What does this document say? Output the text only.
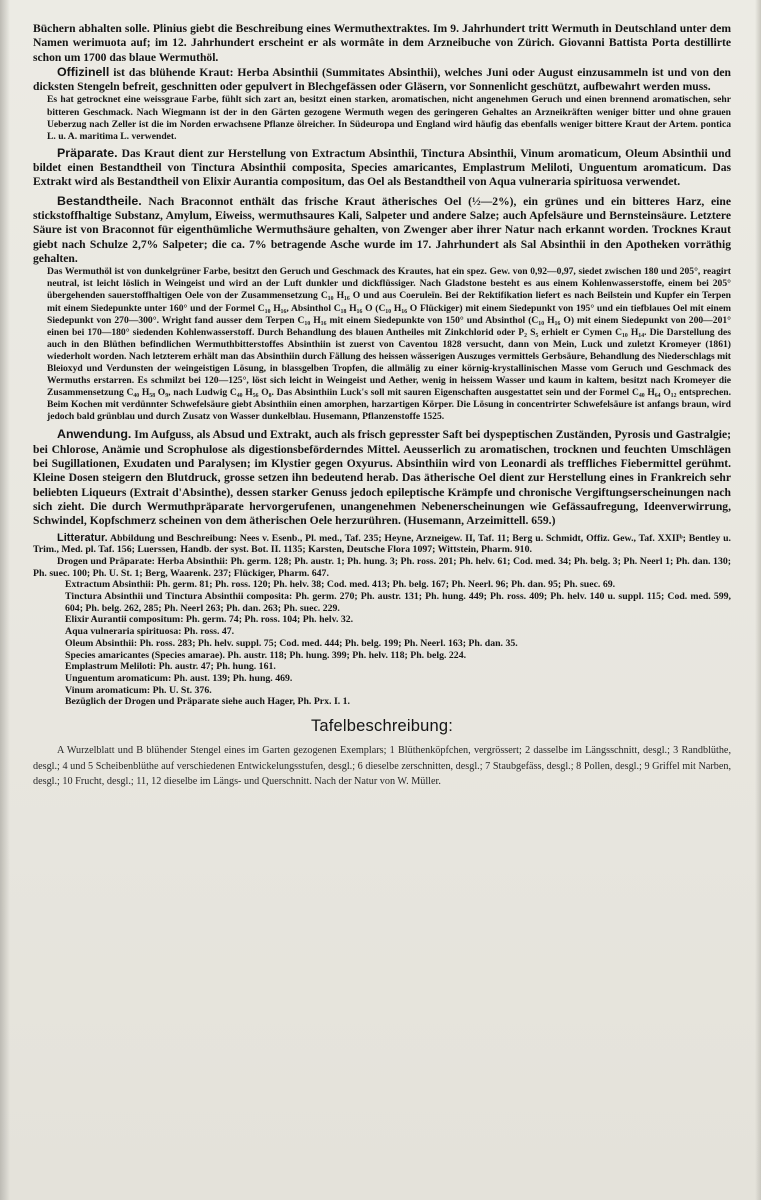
Büchern abhalten solle. Plinius giebt die Beschreibung eines Wermuthextraktes. Im 9. Jahrhundert tritt Wermuth in Deutschland unter dem Namen werimuota auf; im 12. Jahrhundert erscheint er als wormâte in dem Arzneibuche von Zürich. Giovanni Battista Porta destillirte schon um 1700 das blaue Wermuthöl.

Offizinell ist das blühende Kraut: Herba Absinthii (Summitates Absinthii), welches Juni oder August einzusammeln ist und von den dicksten Stengeln befreit, geschnitten oder gepulvert in Blechgefässen oder Gläsern, vor Sonnenlicht geschützt, aufbewahrt werden muss.

Es hat getrocknet eine weissgraue Farbe, fühlt sich zart an, besitzt einen starken, aromatischen, nicht angenehmen Geruch und einen brennend aromatischen, sehr bitteren Geschmack. Nach Wiegmann ist der in den Gärten gezogene Wermuth wegen des geringeren Gehaltes an Arzneikräften weniger bitter und ohne grauen Ueberzug nach Zeller ist die im Norden erwachsene Pflanze ölreicher. In Südeuropa und England wird häufig das ebenfalls weniger bittere Kraut der Artem. pontica L. u. A. maritima L. verwendet.

Präparate. Das Kraut dient zur Herstellung von Extractum Absinthii, Tinctura Absinthii, Vinum aromaticum, Oleum Absinthii und bildet einen Bestandtheil von Tinctura Absinthii composita, Species amaricantes, Emplastrum Meliloti, Unguentum aromaticum. Das Extrakt wird als Bestandtheil von Elixir Aurantia compositum, das Oel als Bestandtheil von Aqua vulneraria spirituosa verwendet.

Bestandtheile. Nach Braconnot enthält das frische Kraut ätherisches Oel (½—2%), ein grünes und ein bitteres Harz, eine stickstoffhaltige Substanz, Amylum, Eiweiss, wermuthsaures Kali, Salpeter und andere Salze; auch Apfelsäure und Bernsteinsäure. Letztere Säure ist von Braconnot für eigenthümliche Wermuthsäure gehalten, von Zwenger aber ihrer Natur nach erkannt worden. Trocknes Kraut giebt nach Schulze 2,7% Salpeter; die ca. 7% betragende Asche wurde im 17. Jahrhundert als Sal Absinthii in den Apotheken vorräthig gehalten.

Das Wermuthöl ist von dunkelgrüner Farbe, besitzt den Geruch und Geschmack des Krautes, hat ein spez. Gew. von 0,92—0,97, siedet zwischen 180 und 205°, reagirt neutral, ist leicht löslich in Weingeist und wird an der Luft dunkler und dickflüssiger. Nach Gladstone besteht es aus einem Kohlenwasserstoffe, einem bei 205° übergehenden sauerstoffhaltigen Oele von der Zusammensetzung C₁₀ H₁₆ O und aus Coeruleïn. Bei der Rektifikation liefert es nach Beilstein und Kupfer ein Terpen mit einem Siedepunkte unter 160° und der Formel C₁₀ H₁₆, Absinthol C₁₈ H₁₆ O (C₁₀ H₁₆ O Flückiger) mit einem Siedepunkt von 195° und ein tiefblaues Oel mit einem Siedepunkt von 270—300°. Wright fand ausser dem Terpen C₁₀ H₁₆ mit einem Siedepunkte von 150° und Absinthol (C₁₀ H₁₆ O) mit einem Siedepunkt von 200—201° einen bei 170—180° siedenden Kohlenwasserstoff. Durch Behandlung des blauen Antheiles mit Zinkchlorid oder P₂ S₅ erhielt er Cymen C₁₀ H₁₄. Die Darstellung des auch in den Blüthen befindlichen Wermuthbitterstoffes Absinthiin ist zuerst von Caventou 1828 versucht, dann von Mein, Luck und zuletzt Kromeyer (1861) wiederholt worden. Nach letzterem erhält man das Absinthiin durch Fällung des heissen wässerigen Auszuges vermittels Gerbsäure, Behandlung des Niederschlags mit Bleioxyd und Verdunsten der weingeistigen Lösung, in blassgelben Tropfen, die allmälig zu einer körnig-krystallinischen Masse vom Geruch und Geschmack des Wermuths erstarren. Es schmilzt bei 120—125°, löst sich leicht in Weingeist und Aether, wenig in heissem Wasser und kaum in kaltem, besitzt nach Kromeyer die Zusammensetzung C₄₀ H₅₈ O₉, nach Ludwig C₄₀ H₅₆ O₈. Das Absinthiin Luck's soll mit sauren Eigenschaften ausgestattet sein und der Formel C₄₀ H₆₄ O₁₂ entsprechen. Beim Kochen mit verdünnter Schwefelsäure giebt Absinthiin einen amorphen, harzartigen Körper. Die Lösung in concentrirter Schwefelsäure ist anfangs braun, wird jedoch bald grünblau und durch Zusatz von Wasser dunkelblau. Husemann, Pflanzenstoffe 1525.

Anwendung. Im Aufguss, als Absud und Extrakt, auch als frisch gepresster Saft bei dyspeptischen Zuständen, Pyrosis und Gastralgie; bei Chlorose, Anämie und Scrophulose als digestionsbeförderndes Mittel. Aeusserlich zu aromatischen, trocknen und feuchten Umschlägen bei Sugillationen, Exudaten und Paralysen; im Klystier gegen Oxyurus. Absinthiin wird von Leonardi als treffliches Fiebermittel gerühmt. Kleine Dosen steigern den Blutdruck, grosse setzen ihn bedeutend herab. Das ätherische Oel dient zur Herstellung eines in Frankreich sehr beliebten Liqueurs (Extrait d'Absinthe), dessen starker Genuss jedoch epileptische Krämpfe und chronische Vergiftungserscheinungen nach sich zieht. Die durch Wermuthpräparate hervorgerufenen, unangenehmen Nebenerscheinungen wie Gefässaufregung, Ideenverwirrung, Schwindel, Kopfschmerz scheinen von dem ätherischen Oele herzurühren. (Husemann, Arzeimittell. 659.)

Litteratur. Abbildung und Beschreibung: Nees v. Esenb., Pl. med., Taf. 235; Heyne, Arzneigew. II, Taf. 11; Berg u. Schmidt, Offiz. Gew., Taf. XXIIᵇ; Bentley u. Trim., Med. pl. Taf. 156; Luerssen, Handb. der syst. Bot. II. 1135; Karsten, Deutsche Flora 1097; Wittstein, Pharm. 910.

Drogen und Präparate: Herba Absinthii: Ph. germ. 128; Ph. austr. 1; Ph. hung. 3; Ph. ross. 201; Ph. helv. 61; Cod. med. 34; Ph. belg. 3; Ph. Neerl 1; Ph. dan. 130; Ph. suec. 100; Ph. U. St. 1; Berg, Waarenk. 237; Flückiger, Pharm. 647.

Extractum Absinthii: Ph. germ. 81; Ph. ross. 120; Ph. helv. 38; Cod. med. 413; Ph. belg. 167; Ph. Neerl. 96; Ph. dan. 95; Ph. suec. 69.

Tinctura Absinthii und Tinctura Absinthii composita: Ph. germ. 270; Ph. austr. 131; Ph. hung. 449; Ph. ross. 409; Ph. helv. 140 u. suppl. 115; Cod. med. 599, 604; Ph. belg. 262, 285; Ph. Neerl 263; Ph. dan. 263; Ph. suec. 229.

Elixir Aurantii compositum: Ph. germ. 74; Ph. ross. 104; Ph. helv. 32.

Aqua vulneraria spirituosa: Ph. ross. 47.

Oleum Absinthii: Ph. ross. 283; Ph. helv. suppl. 75; Cod. med. 444; Ph. belg. 199; Ph. Neerl. 163; Ph. dan. 35.

Species amaricantes (Species amarae). Ph. austr. 118; Ph. hung. 399; Ph. helv. 118; Ph. belg. 224.

Emplastrum Meliloti: Ph. austr. 47; Ph. hung. 161.

Unguentum aromaticum: Ph. aust. 139; Ph. hung. 469.

Vinum aromaticum: Ph. U. St. 376.

Bezüglich der Drogen und Präparate siehe auch Hager, Ph. Prx. I. 1.

Tafelbeschreibung:

A Wurzelblatt und B blühender Stengel eines im Garten gezogenen Exemplars; 1 Blüthenköpfchen, vergrössert; 2 dasselbe im Längsschnitt, desgl.; 3 Randblüthe, desgl.; 4 und 5 Scheibenblüthe auf verschiedenen Entwickelungsstufen, desgl.; 6 dieselbe zerschnitten, desgl.; 7 Staubgefäss, desgl.; 8 Pollen, desgl.; 9 Griffel mit Narben, desgl.; 10 Frucht, desgl.; 11, 12 dieselbe im Längs- und Querschnitt. Nach der Natur von W. Müller.
